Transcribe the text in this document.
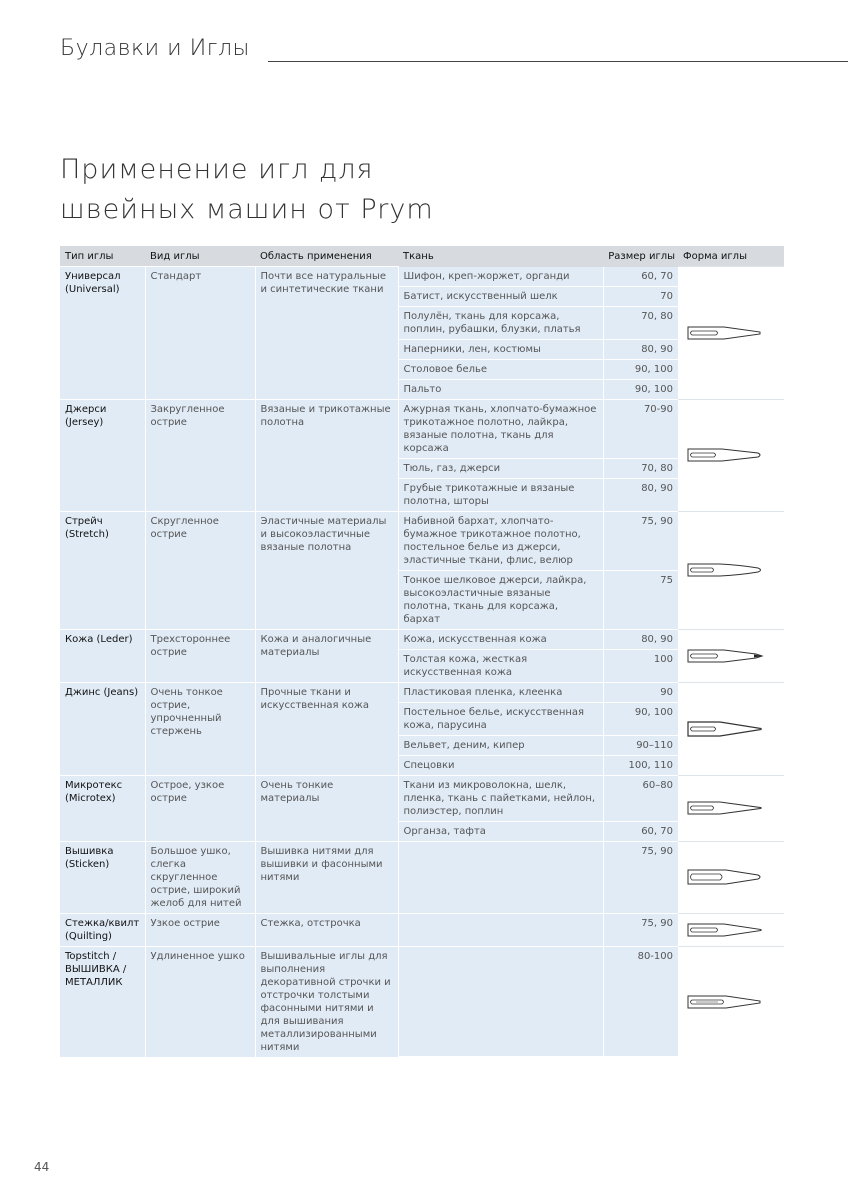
Булавки и Иглы
Применение игл для
швейных машин от Prym
Тип иглы	Вид иглы	Область применения	Ткань	Размер иглы	Форма иглы
Универсал (Universal)	Стандарт	Почти все натуральные и синтетические ткани	Шифон, креп-жоржет, органди	60, 70	

			Батист, искусственный шелк	70	
			Полулён, ткань для корсажа, поплин, рубашки, блузки, платья	70, 80	
			Наперники, лен, костюмы	80, 90	
			Столовое белье	90, 100	
			Пальто	90, 100	
Джерси (Jersey)	Закругленное острие	Вязаные и трикотажные полотна	Ажурная ткань, хлопчато-бумажное трикотажное полотно, лайкра, вязаные полотна, ткань для корсажа	70-90	

			Тюль, газ, джерси	70, 80	
			Грубые трикотажные и вязаные полотна, шторы	80, 90	
Стрейч (Stretch)	Скругленное острие	Эластичные материалы и высокоэластичные вязаные полотна	Набивной бархат, хлопчато-бумажное трикотажное полотно, постельное белье из джерси, эластичные ткани, флис, велюр	75, 90	

			Тонкое шелковое джерси, лайкра, высокоэластичные вязаные полотна, ткань для корсажа, бархат	75	
Кожа (Leder)	Трехстороннее острие	Кожа и аналогичные материалы	Кожа, искусственная кожа	80, 90	

			Толстая кожа, жесткая искусственная кожа	100	
Джинс (Jeans)	Очень тонкое острие, упрочненный стержень	Прочные ткани и искусственная кожа	Пластиковая пленка, клеенка	90	

			Постельное белье, искусственная кожа, парусина	90, 100	
			Вельвет, деним, кипер	90–110	
			Спецовки	100, 110	
Микротекс (Microtex)	Острое, узкое острие	Очень тонкие материалы	Ткани из микроволокна, шелк, пленка, ткань с пайетками, нейлон, полиэстер, поплин	60–80	

			Органза, тафта	60, 70	
Вышивка (Sticken)	Большое ушко, слегка скругленное острие, широкий желоб для нитей	Вышивка нитями для вышивки и фасонными нитями		75, 90	

Стежка/квилт (Quilting)	Узкое острие	Стежка, отстрочка		75, 90	

Topstitch / ВЫШИВКА / МЕТАЛЛИК	Удлиненное ушко	Вышивальные иглы для выполнения декоративной строчки и отстрочки толстыми фасонными нитями и для вышивания металлизированными нитями		80-100	
44
